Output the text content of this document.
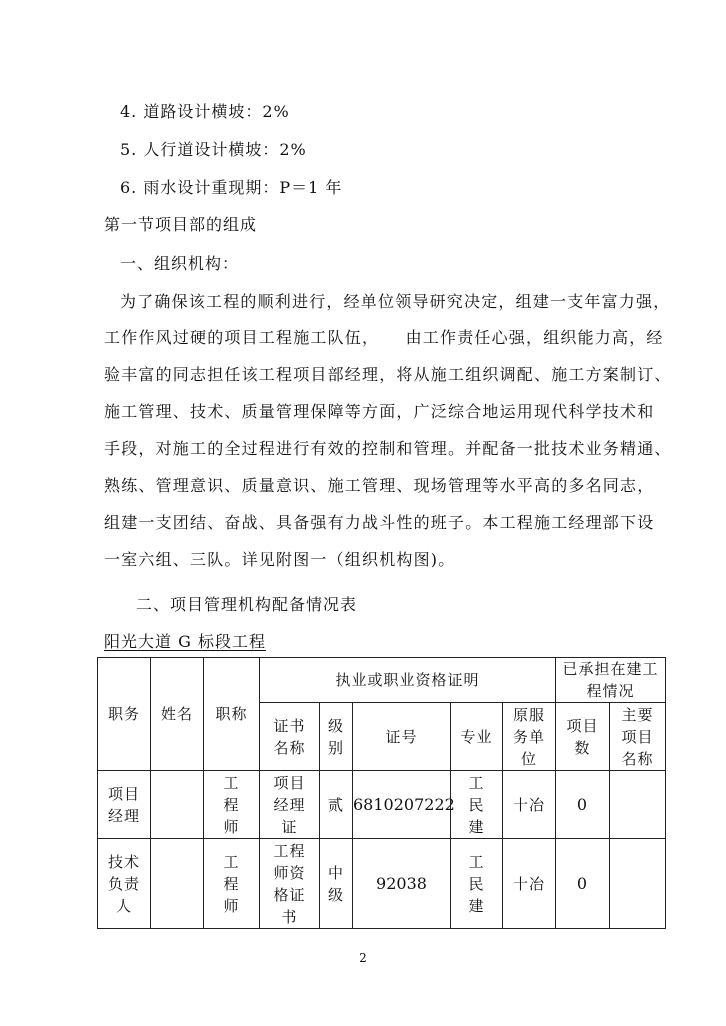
4. 道路设计横坡：2%
5. 人行道设计横坡：2%
6. 雨水设计重现期：P＝1 年
第一节项目部的组成
一、组织机构：
为了确保该工程的顺利进行，经单位领导研究决定，组建一支年富力强，
工作作风过硬的项目工程施工队伍，　　由工作责任心强，组织能力高，经
验丰富的同志担任该工程项目部经理，将从施工组织调配、施工方案制订、
施工管理、技术、质量管理保障等方面，广泛综合地运用现代科学技术和
手段，对施工的全过程进行有效的控制和管理。并配备一批技术业务精通、
熟练、管理意识、质量意识、施工管理、现场管理等水平高的多名同志，
组建一支团结、奋战、具备强有力战斗性的班子。本工程施工经理部下设
一室六组、三队。详见附图一（组织机构图)。
二、项目管理机构配备情况表
阳光大道 G 标段工程
职务	姓名	职称	执业或职业资格证明					已承担在建工程情况	
			证书名称	级别	证号	专业	原服务单位	项目数	主要项目名称
项目经理		工程师	项目经理证	贰	6810207222	工民建	十冶	0	
技术负责人		工程师	工程师资格证书	中级	92038	工民建	十冶	0	
2
